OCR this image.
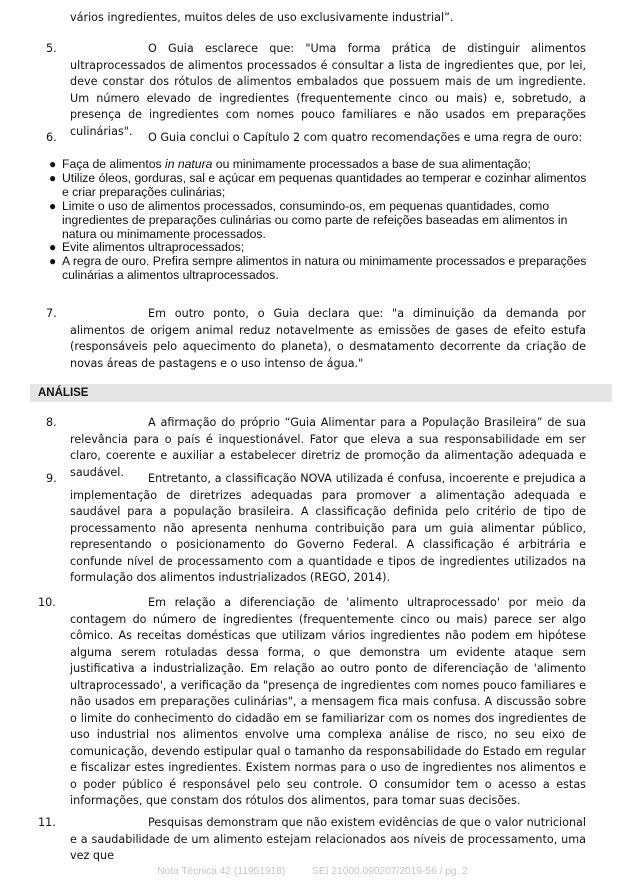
vários ingredientes, muitos deles de uso exclusivamente industrial”.
5.	O Guia esclarece que: "Uma forma prática de distinguir alimentos ultraprocessados de alimentos processados é consultar a lista de ingredientes que, por lei, deve constar dos rótulos de alimentos embalados que possuem mais de um ingrediente. Um número elevado de ingredientes (frequentemente cinco ou mais) e, sobretudo, a presença de ingredientes com nomes pouco familiares e não usados em preparações culinárias".
6.	O Guia conclui o Capítulo 2 com quatro recomendações e uma regra de ouro:
● Faça de alimentos in natura ou minimamente processados a base de sua alimentação;
● Utilize óleos, gorduras, sal e açúcar em pequenas quantidades ao temperar e cozinhar alimentos e criar preparações culinárias;
● Limite o uso de alimentos processados, consumindo-os, em pequenas quantidades, como ingredientes de preparações culinárias ou como parte de refeições baseadas em alimentos in natura ou minimamente processados.
● Evite alimentos ultraprocessados;
● A regra de ouro. Prefira sempre alimentos in natura ou minimamente processados e preparações culinárias a alimentos ultraprocessados.
7.	Em outro ponto, o Guia declara que: "a diminuição da demanda por alimentos de origem animal reduz notavelmente as emissões de gases de efeito estufa (responsáveis pelo aquecimento do planeta), o desmatamento decorrente da criação de novas áreas de pastagens e o uso intenso de água."
ANÁLISE
8.	A afirmação do próprio “Guia Alimentar para a População Brasileira” de sua relevância para o país é inquestionável. Fator que eleva a sua responsabilidade em ser claro, coerente e auxiliar a estabelecer diretriz de promoção da alimentação adequada e saudável.
9.	Entretanto, a classificação NOVA utilizada é confusa, incoerente e prejudica a implementação de diretrizes adequadas para promover a alimentação adequada e saudável para a população brasileira. A classificação definida pelo critério de tipo de processamento não apresenta nenhuma contribuição para um guia alimentar público, representando o posicionamento do Governo Federal. A classificação é arbitrária e confunde nível de processamento com a quantidade e tipos de ingredientes utilizados na formulação dos alimentos industrializados (REGO, 2014).
10.	Em relação a diferenciação de 'alimento ultraprocessado' por meio da contagem do número de ingredientes (frequentemente cinco ou mais) parece ser algo cômico. As receitas domésticas que utilizam vários ingredientes não podem em hipótese alguma serem rotuladas dessa forma, o que demonstra um evidente ataque sem justificativa a industrialização. Em relação ao outro ponto de diferenciação de 'alimento ultraprocessado', a verificação da "presença de ingredientes com nomes pouco familiares e não usados em preparações culinárias", a mensagem fica mais confusa. A discussão sobre o limite do conhecimento do cidadão em se familiarizar com os nomes dos ingredientes de uso industrial nos alimentos envolve uma complexa análise de risco, no seu eixo de comunicação, devendo estipular qual o tamanho da responsabilidade do Estado em regular e fiscalizar estes ingredientes. Existem normas para o uso de ingredientes nos alimentos e o poder público é responsável pelo seu controle. O consumidor tem o acesso a estas informações, que constam dos rótulos dos alimentos, para tomar suas decisões.
11.	Pesquisas demonstram que não existem evidências de que o valor nutricional e a saudabilidade de um alimento estejam relacionados aos níveis de processamento, uma vez que
Nota Técnica 42 (11951918)	SEI 21000.090207/2019-56 / pg. 2
